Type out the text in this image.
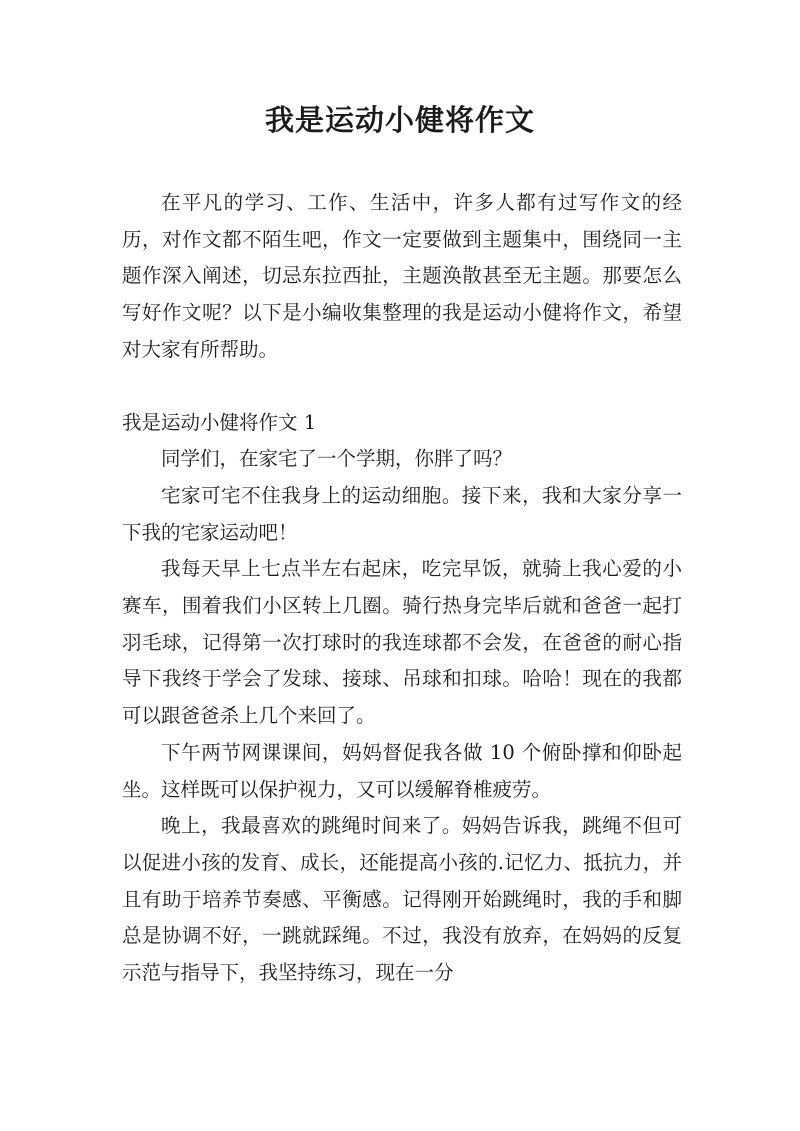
我是运动小健将作文

在平凡的学习、工作、生活中，许多人都有过写作文的经历，对作文都不陌生吧，作文一定要做到主题集中，围绕同一主题作深入阐述，切忌东拉西扯，主题涣散甚至无主题。那要怎么写好作文呢？以下是小编收集整理的我是运动小健将作文，希望对大家有所帮助。

我是运动小健将作文 1

同学们，在家宅了一个学期，你胖了吗？

宅家可宅不住我身上的运动细胞。接下来，我和大家分享一下我的宅家运动吧！

我每天早上七点半左右起床，吃完早饭，就骑上我心爱的小赛车，围着我们小区转上几圈。骑行热身完毕后就和爸爸一起打羽毛球，记得第一次打球时的我连球都不会发，在爸爸的耐心指导下我终于学会了发球、接球、吊球和扣球。哈哈！现在的我都可以跟爸爸杀上几个来回了。

下午两节网课课间，妈妈督促我各做 10 个俯卧撑和仰卧起坐。这样既可以保护视力，又可以缓解脊椎疲劳。

晚上，我最喜欢的跳绳时间来了。妈妈告诉我，跳绳不但可以促进小孩的发育、成长，还能提高小孩的.记忆力、抵抗力，并且有助于培养节奏感、平衡感。记得刚开始跳绳时，我的手和脚总是协调不好，一跳就踩绳。不过，我没有放弃，在妈妈的反复示范与指导下，我坚持练习，现在一分
